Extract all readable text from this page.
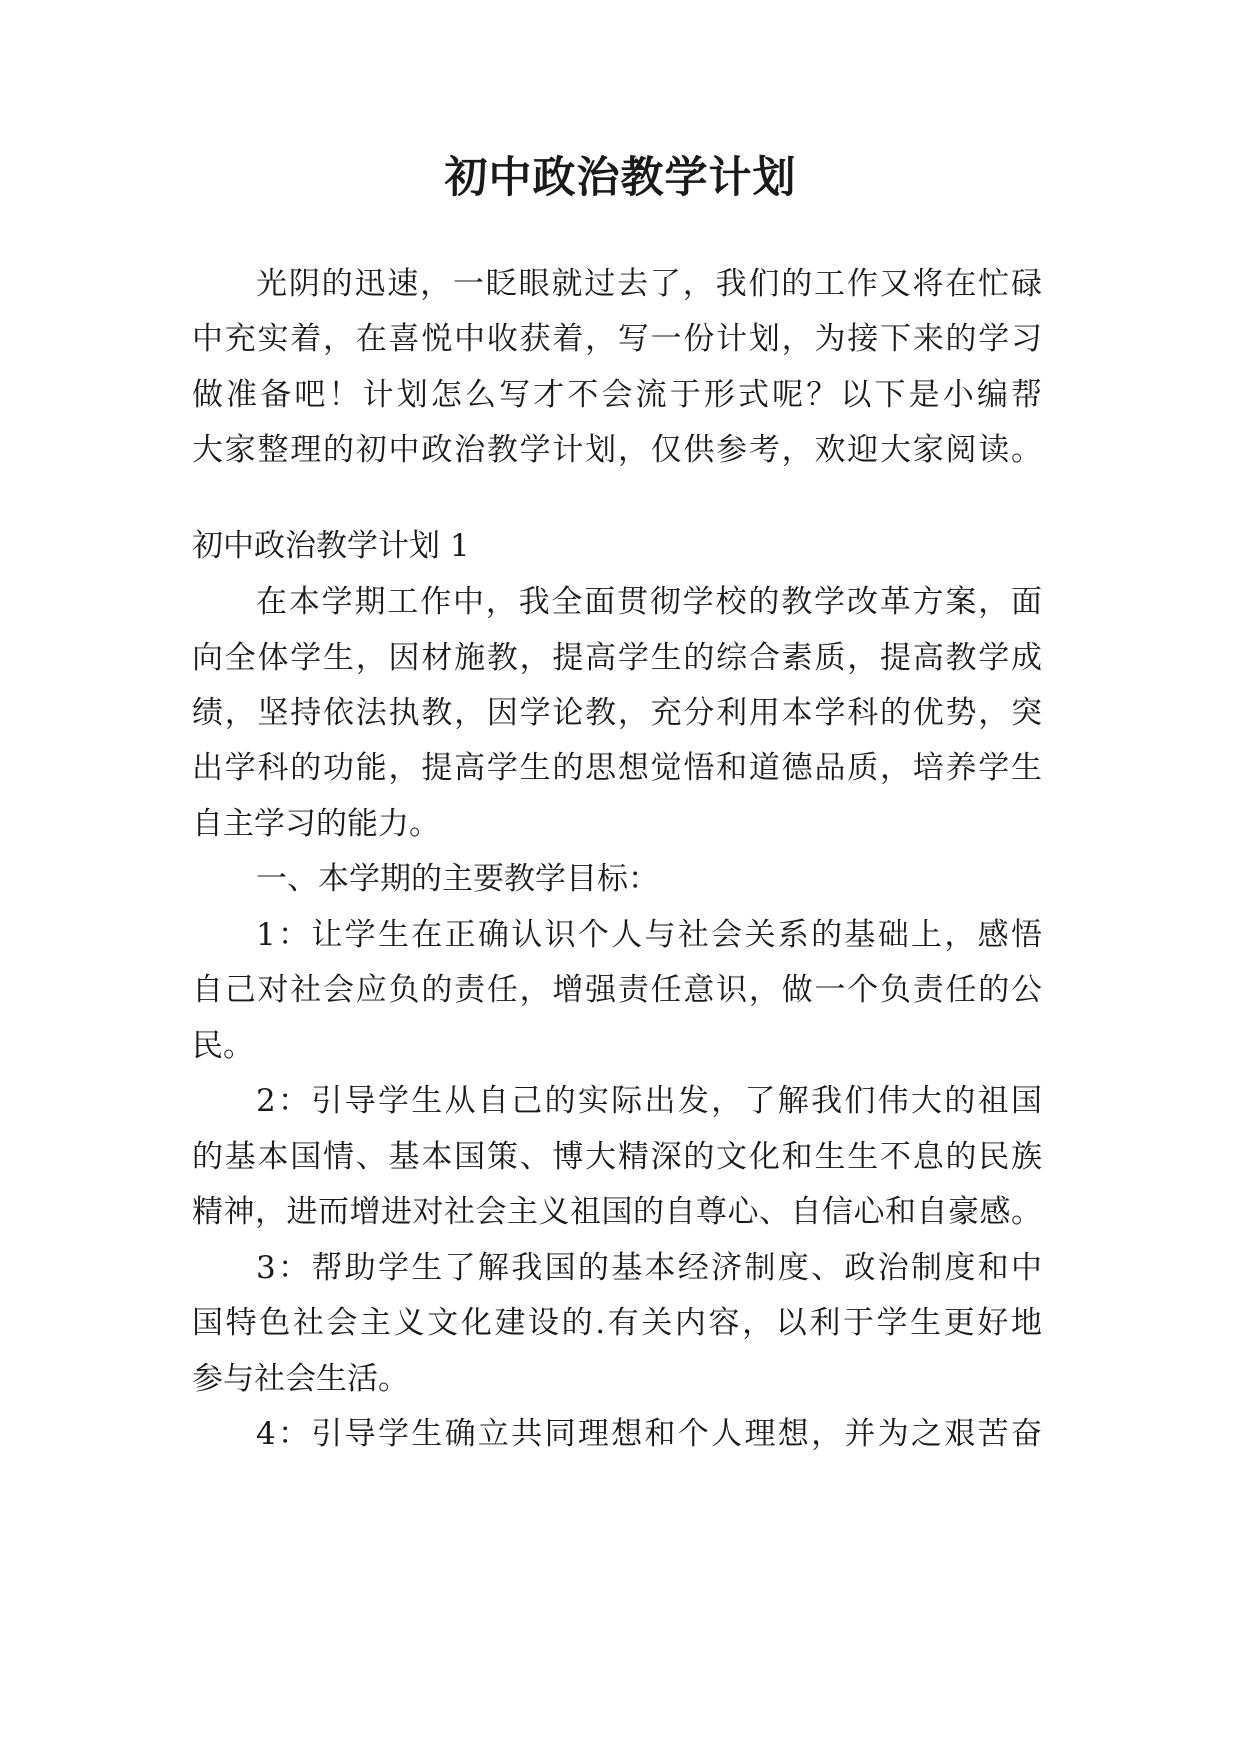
初中政治教学计划

光阴的迅速，一眨眼就过去了，我们的工作又将在忙碌

中充实着，在喜悦中收获着，写一份计划，为接下来的学习

做准备吧！计划怎么写才不会流于形式呢？以下是小编帮

大家整理的初中政治教学计划，仅供参考，欢迎大家阅读。

初中政治教学计划 1

在本学期工作中，我全面贯彻学校的教学改革方案，面

向全体学生，因材施教，提高学生的综合素质，提高教学成

绩，坚持依法执教，因学论教，充分利用本学科的优势，突

出学科的功能，提高学生的思想觉悟和道德品质，培养学生

自主学习的能力。

一、本学期的主要教学目标：

1：让学生在正确认识个人与社会关系的基础上，感悟

自己对社会应负的责任，增强责任意识，做一个负责任的公

民。

2：引导学生从自己的实际出发，了解我们伟大的祖国

的基本国情、基本国策、博大精深的文化和生生不息的民族

精神，进而增进对社会主义祖国的自尊心、自信心和自豪感。

3：帮助学生了解我国的基本经济制度、政治制度和中

国特色社会主义文化建设的.有关内容，以利于学生更好地

参与社会生活。

4：引导学生确立共同理想和个人理想，并为之艰苦奋
